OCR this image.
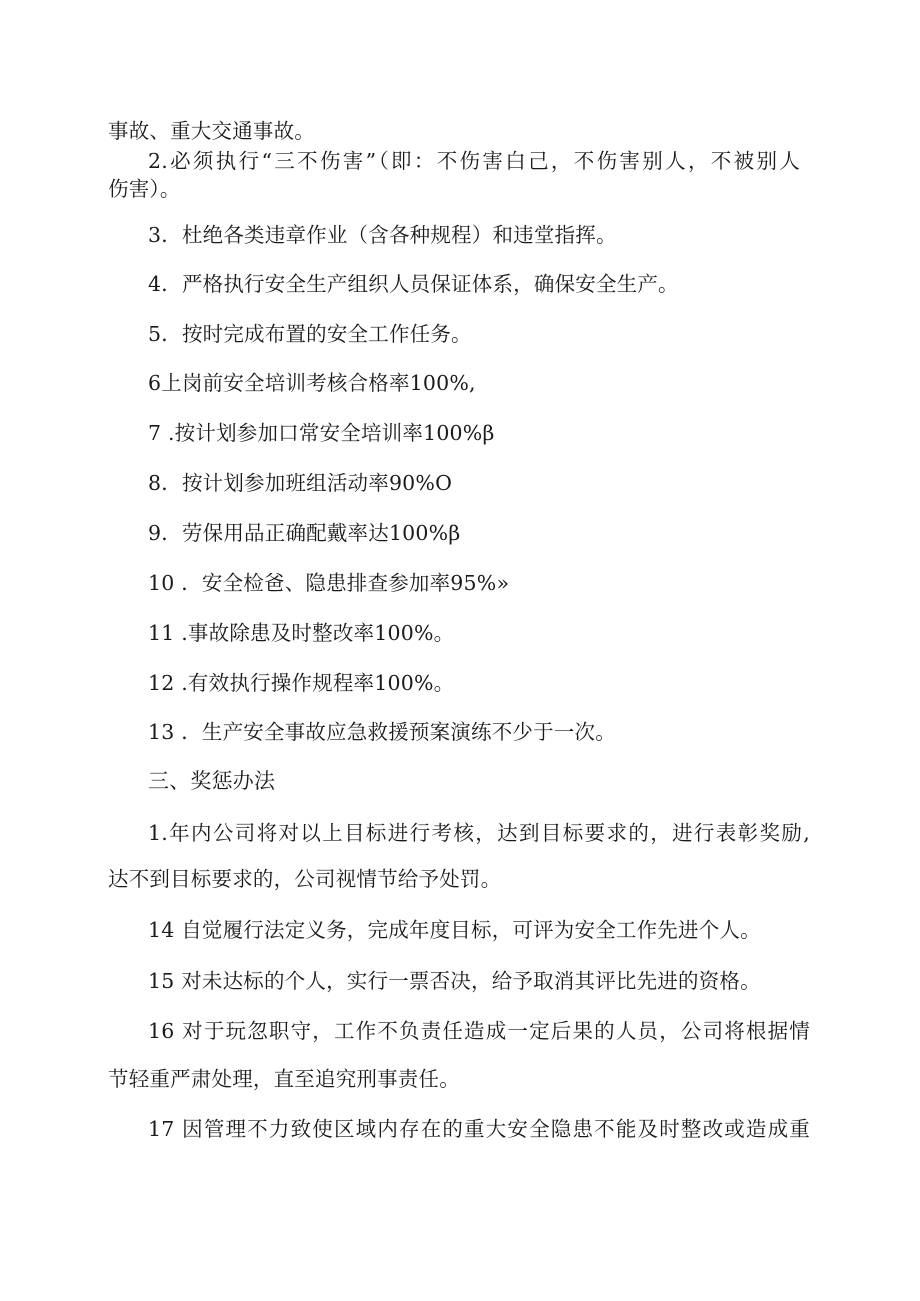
事故、重大交通事故。
2.必须执行“三不伤害”（即：不伤害白己，不伤害别人，不被别人
伤害）。
3．杜绝各类违章作业（含各种规程）和违堂指挥。
4．严格执行安全生产组织人员保证体系，确保安全生产。
5．按时完成布置的安全工作任务。
6上岗前安全培训考核合格率100%,
7 .按计划参加口常安全培训率100%β
8．按计划参加班组活动率90%O
9．劳保用品正确配戴率达100%β
10 ．安全检爸、隐患排查参加率95%»
11 .事故除患及时整改率100%。
12 .有效执行操作规程率100%。
13 ．生产安全事故应急救援预案演练不少于一次。
三、奖惩办法
1.年内公司将对以上目标进行考核，达到目标要求的，进行表彰奖励,
达不到目标要求的，公司视情节给予处罚。
14 自觉履行法定义务，完成年度目标，可评为安全工作先进个人。
15 对未达标的个人，实行一票否决，给予取消其评比先进的资格。
16 对于玩忽职守，工作不负责任造成一定后果的人员，公司将根据情
节轻重严肃处理，直至追究刑事责任。
17 因管理不力致使区域内存在的重大安全隐患不能及时整改或造成重
